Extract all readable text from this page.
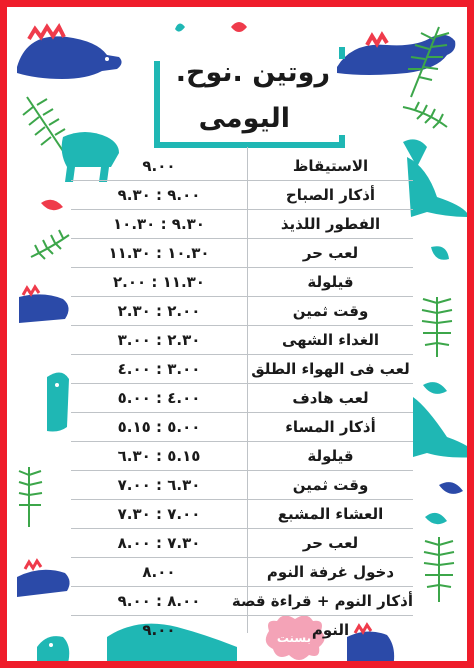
روتين .نوح.
اليومى
الاستيقاظ
٩.٠٠
أذكار الصباح
٩.٠٠ : ٩.٣٠
الفطور اللذيذ
٩.٣٠ : ١٠.٣٠
لعب حر
١٠.٣٠ : ١١.٣٠
قيلولة
١١.٣٠ : ٢.٠٠
وقت ثمين
٢.٠٠ : ٢.٣٠
الغداء الشهى
٢.٣٠ : ٣.٠٠
لعب فى الهواء الطلق
٣.٠٠ : ٤.٠٠
لعب هادف
٤.٠٠ : ٥.٠٠
أذكار المساء
٥.٠٠ : ٥.١٥
قيلولة
٥.١٥ : ٦.٣٠
وقت ثمين
٦.٣٠ : ٧.٠٠
العشاء المشبع
٧.٠٠ : ٧.٣٠
لعب حر
٧.٣٠ : ٨.٠٠
دخول غرفة النوم
٨.٠٠
أذكار النوم + قراءة قصة
٨.٠٠ : ٩.٠٠
النوم
٩.٠٠	بسنت
